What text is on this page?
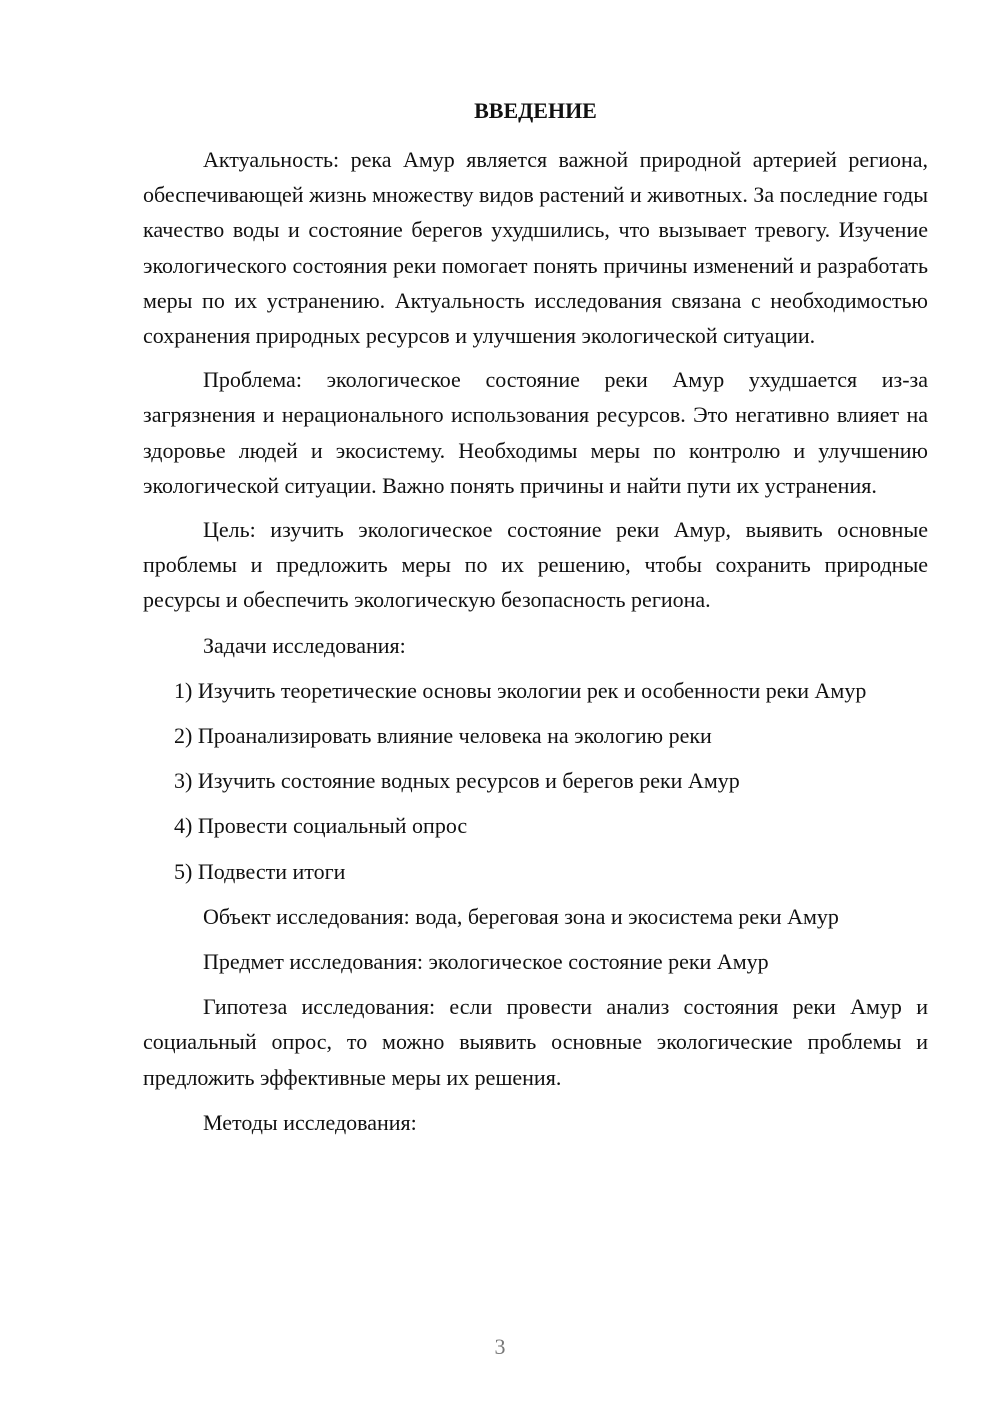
ВВЕДЕНИЕ

Актуальность: река Амур является важной природной артерией региона, обеспечивающей жизнь множеству видов растений и животных. За последние годы качество воды и состояние берегов ухудшились, что вызывает тревогу. Изучение экологического состояния реки помогает понять причины изменений и разработать меры по их устранению. Актуальность исследования связана с необходимостью сохранения природных ресурсов и улучшения экологической ситуации.

Проблема: экологическое состояние реки Амур ухудшается из-за загрязнения и нерационального использования ресурсов. Это негативно влияет на здоровье людей и экосистему. Необходимы меры по контролю и улучшению экологической ситуации. Важно понять причины и найти пути их устранения.

Цель: изучить экологическое состояние реки Амур, выявить основные проблемы и предложить меры по их решению, чтобы сохранить природные ресурсы и обеспечить экологическую безопасность региона.

Задачи исследования:

1) Изучить теоретические основы экологии рек и особенности реки Амур

2) Проанализировать влияние человека на экологию реки

3) Изучить состояние водных ресурсов и берегов реки Амур

4) Провести социальный опрос

5) Подвести итоги

Объект исследования: вода, береговая зона и экосистема реки Амур

Предмет исследования: экологическое состояние реки Амур

Гипотеза исследования: если провести анализ состояния реки Амур и социальный опрос, то можно выявить основные экологические проблемы и предложить эффективные меры их решения.

Методы исследования:

3
